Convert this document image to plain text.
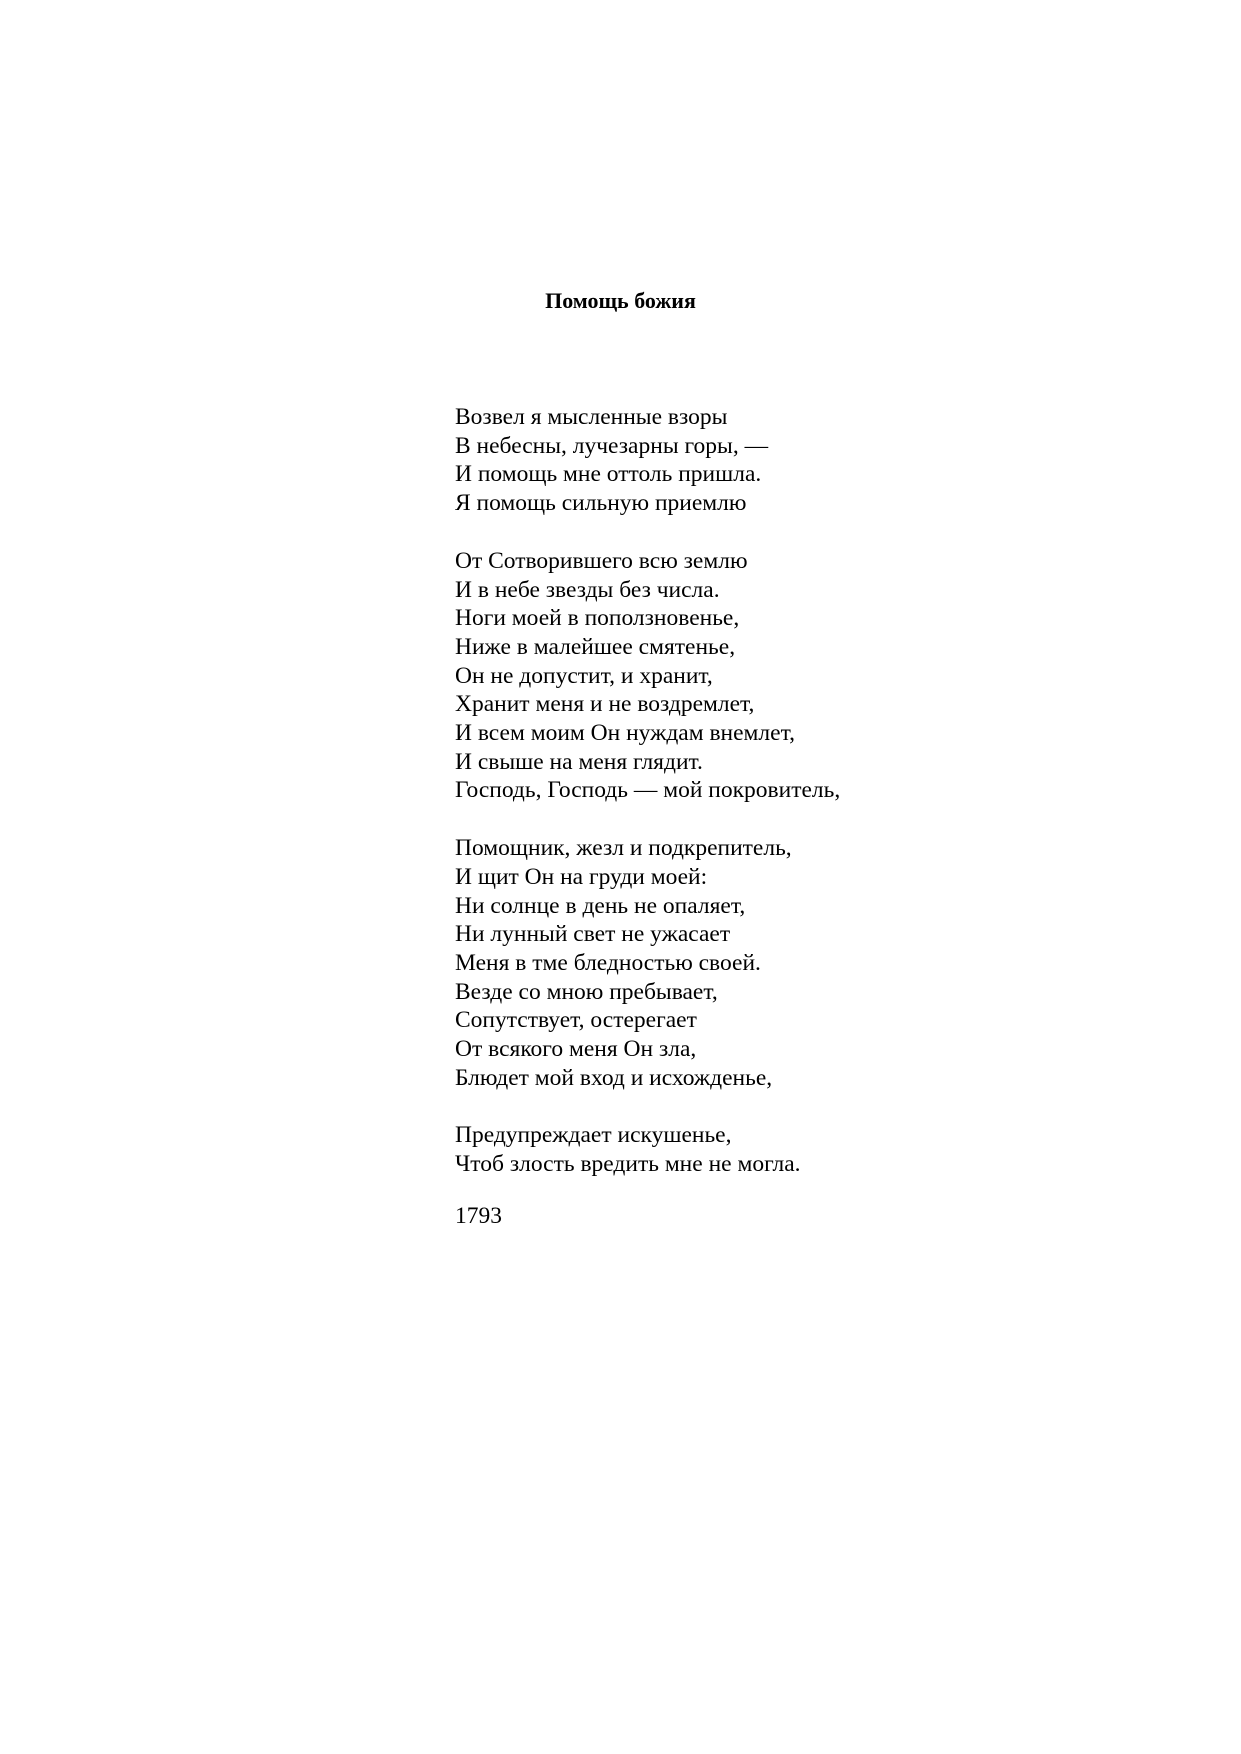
Помощь божия
Возвел я мысленные взоры
В небесны, лучезарны горы, —
И помощь мне оттоль пришла.
Я помощь сильную приемлю
От Сотворившего всю землю
И в небе звезды без числа.
Ноги моей в поползновенье,
Ниже в малейшее смятенье,
Он не допустит, и хранит,
Хранит меня и не воздремлет,
И всем моим Он нуждам внемлет,
И свыше на меня глядит.
Господь, Господь — мой покровитель,
Помощник, жезл и подкрепитель,
И щит Он на груди моей:
Ни солнце в день не опаляет,
Ни лунный свет не ужасает
Меня в тме бледностью своей.
Везде со мною пребывает,
Сопутствует, остерегает
От всякого меня Он зла,
Блюдет мой вход и исхожденье,
Предупреждает искушенье,
Чтоб злость вредить мне не могла.
1793
